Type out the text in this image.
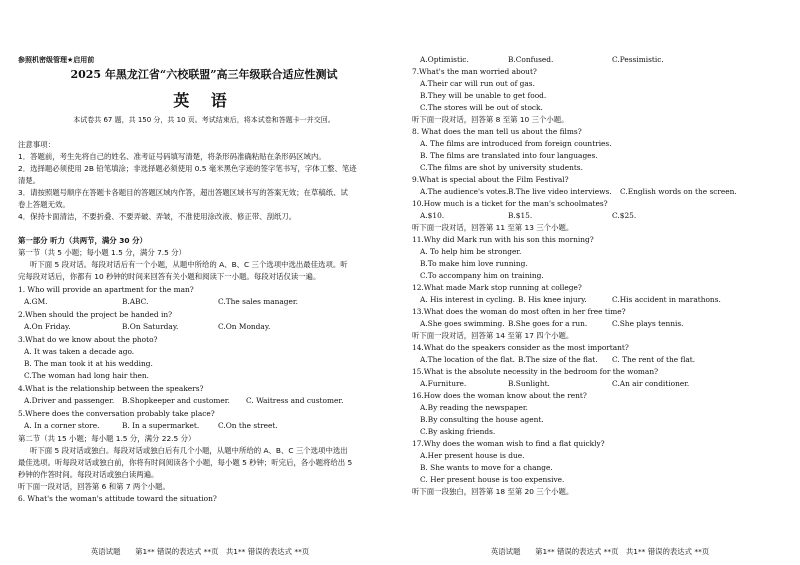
参照机密级管理★启用前
2025 年黑龙江省“六校联盟”高三年级联合适应性测试
英 语
本试卷共 67 题，共 150 分，共 10 页。考试结束后，将本试卷和答题卡一并交回。
注意事项：
1．答题前，考生先将自己的姓名、准考证号码填写清楚，将条形码准确粘贴在条形码区域内。
2．选择题必须使用 2B 铅笔填涂；非选择题必须使用 0.5 毫米黑色字迹的签字笔书写，字体工整、笔迹
清楚。
3．请按照题号顺序在答题卡各题目的答题区域内作答，超出答题区域书写的答案无效；在草稿纸、试
卷上答题无效。
4．保持卡面清洁，不要折叠、不要弄破、弄皱，不准使用涂改液、修正带、刮纸刀。
第一部分 听力（共两节，满分 30 分）
第一节（共 5 小题；每小题 1.5 分，满分 7.5 分）
听下面 5 段对话。每段对话后有一个小题，从题中所给的 A、B、C 三个选项中选出最佳选项。听
完每段对话后，你都有 10 秒钟的时间来回答有关小题和阅读下一小题。每段对话仅读一遍。
1. Who will provide an apartment for the man?
A.GM.	B.ABC.	C.The sales manager.
2.When should the project be handed in?
A.On Friday.	B.On Saturday.	C.On Monday.
3.What do we know about the photo?
A. It was taken a decade ago.
B. The man took it at his wedding.
C.The woman had long hair then.
4.What is the relationship between the speakers?
A.Driver and passenger. B.Shopkeeper and customer. C. Waitress and customer.
5.Where does the conversation probably take place?
A. In a corner store.	B. In a supermarket.	C.On the street.
第二节（共 15 小题；每小题 1.5 分，满分 22.5 分）
听下面 5 段对话或独白。每段对话或独白后有几个小题，从题中所给的 A、B、C 三个选项中选出
最佳选项。听每段对话或独白前，你将有时间阅读各个小题，每小题 5 秒钟；听完后，各小题将给出 5
秒钟的作答时间。每段对话或独白读两遍。
听下面一段对话，回答第 6 和第 7 两个小题。
6. What's the woman's attitude toward the situation?
英语试题　　第1** 错误的表达式 **页　共1** 错误的表达式 **页
A.Optimistic.	B.Confused.	C.Pessimistic.
7.What's the man worried about?
A.Their car will run out of gas.
B.They will be unable to get food.
C.The stores will be out of stock.
听下面一段对话，回答第 8 至第 10 三个小题。
8. What does the man tell us about the films?
A. The films are introduced from foreign countries.
B. The films are translated into four languages.
C.The films are shot by university students.
9.What is special about the Film Festival?
A.The audience's votes.B.The live video interviews. C.English words on the screen.
10.How much is a ticket for the man's schoolmates?
A.$10.	B.$15.	C.$25.
听下面一段对话，回答第 11 至第 13 三个小题。
11.Why did Mark run with his son this morning?
A. To help him be stronger.
B.To make him love running.
C.To accompany him on training.
12.What made Mark stop running at college?
A. His interest in cycling. B. His knee injury.	C.His accident in marathons.
13.What does the woman do most often in her free time?
A.She goes swimming. B.She goes for a run.	C.She plays tennis.
听下面一段对话，回答第 14 至第 17 四个小题。
14.What do the speakers consider as the most important?
A.The location of the flat. B.The size of the flat. C. The rent of the flat.
15.What is the absolute necessity in the bedroom for the woman?
A.Furniture.	B.Sunlight.	C.An air conditioner.
16.How does the woman know about the rent?
A.By reading the newspaper.
B.By consulting the house agent.
C.By asking friends.
17.Why does the woman wish to find a flat quickly?
A.Her present house is due.
B. She wants to move for a change.
C. Her present house is too expensive.
听下面一段独白，回答第 18 至第 20 三个小题。
英语试题　　第1** 错误的表达式 **页　共1** 错误的表达式 **页
